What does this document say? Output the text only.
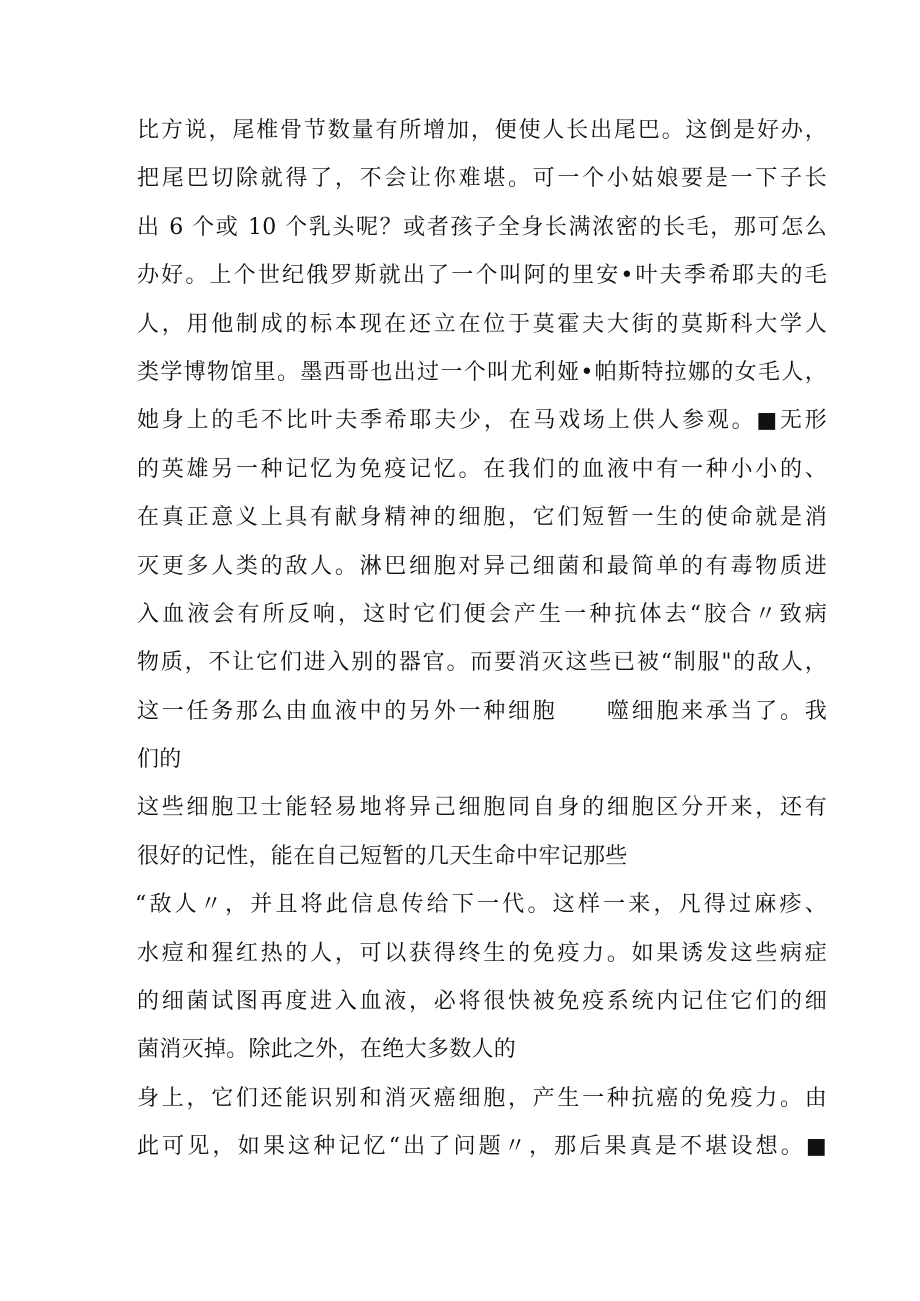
比方说，尾椎骨节数量有所增加，便使人长出尾巴。这倒是好办，
把尾巴切除就得了，不会让你难堪。可一个小姑娘要是一下子长
出 6 个或 10 个乳头呢？或者孩子全身长满浓密的长毛，那可怎么
办好。上个世纪俄罗斯就出了一个叫阿的里安•叶夫季希耶夫的毛
人，用他制成的标本现在还立在位于莫霍夫大街的莫斯科大学人
类学博物馆里。墨西哥也出过一个叫尤利娅•帕斯特拉娜的女毛人，
她身上的毛不比叶夫季希耶夫少，在马戏场上供人参观。■无形
的英雄另一种记忆为免疫记忆。在我们的血液中有一种小小的、
在真正意义上具有献身精神的细胞，它们短暂一生的使命就是消
灭更多人类的敌人。淋巴细胞对异己细菌和最简单的有毒物质进
入血液会有所反响，这时它们便会产生一种抗体去“胶合〃致病
物质，不让它们进入别的器官。而要消灭这些已被“制服"的敌人，
这一任务那么由血液中的另外一种细胞　　噬细胞来承当了。我
们的
这些细胞卫士能轻易地将异己细胞同自身的细胞区分开来，还有
很好的记性，能在自己短暂的几天生命中牢记那些
“敌人〃，并且将此信息传给下一代。这样一来，凡得过麻疹、
水痘和猩红热的人，可以获得终生的免疫力。如果诱发这些病症
的细菌试图再度进入血液，必将很快被免疫系统内记住它们的细
菌消灭掉。除此之外，在绝大多数人的
身上，它们还能识别和消灭癌细胞，产生一种抗癌的免疫力。由
此可见，如果这种记忆“出了问题〃，那后果真是不堪设想。■
